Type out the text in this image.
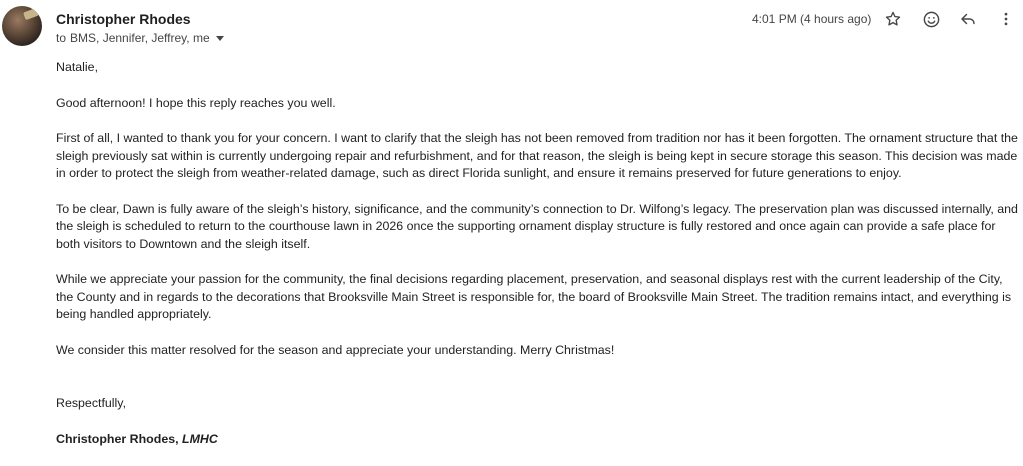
Christopher Rhodes
to BMS, Jennifer, Jeffrey, me
4:01 PM (4 hours ago)

Natalie,

Good afternoon! I hope this reply reaches you well.

First of all, I wanted to thank you for your concern. I want to clarify that the sleigh has not been removed from tradition nor has it been forgotten. The ornament structure that the sleigh previously sat within is currently undergoing repair and refurbishment, and for that reason, the sleigh is being kept in secure storage this season. This decision was made in order to protect the sleigh from weather-related damage, such as direct Florida sunlight, and ensure it remains preserved for future generations to enjoy.

To be clear, Dawn is fully aware of the sleigh’s history, significance, and the community’s connection to Dr. Wilfong’s legacy. The preservation plan was discussed internally, and the sleigh is scheduled to return to the courthouse lawn in 2026 once the supporting ornament display structure is fully restored and once again can provide a safe place for both visitors to Downtown and the sleigh itself.

While we appreciate your passion for the community, the final decisions regarding placement, preservation, and seasonal displays rest with the current leadership of the City, the County and in regards to the decorations that Brooksville Main Street is responsible for, the board of Brooksville Main Street. The tradition remains intact, and everything is being handled appropriately.

We consider this matter resolved for the season and appreciate your understanding. Merry Christmas!

Respectfully,

Christopher Rhodes, LMHC
